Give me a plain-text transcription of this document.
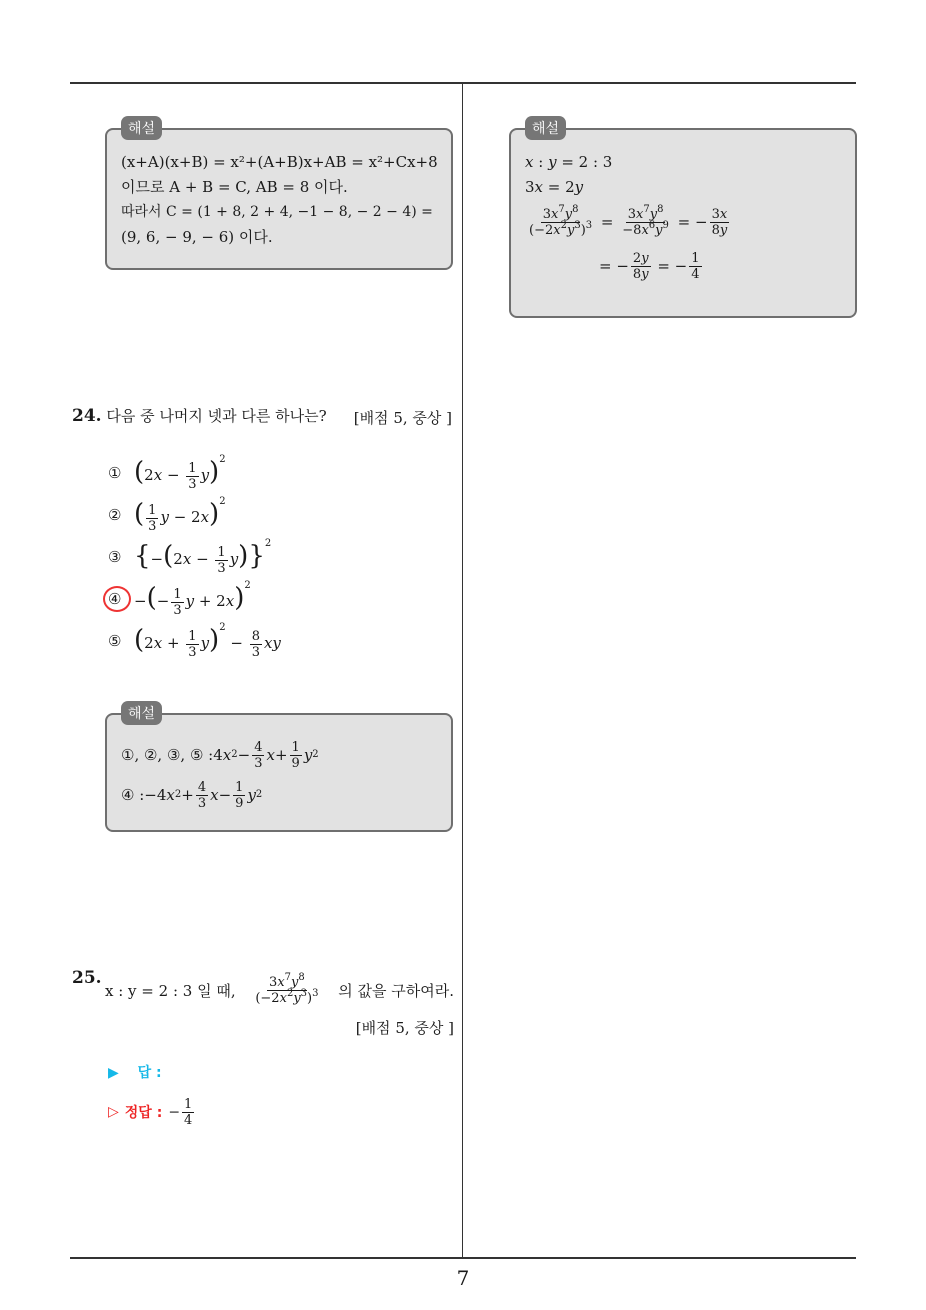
7
해설
(x+A)(x+B) = x²+(A+B)x+AB = x²+Cx+8
이므로 A + B = C, AB = 8 이다.
따라서 C = (1 + 8, 2 + 4, −1 − 8, − 2 − 4) =
(9, 6, − 9, − 6) 이다.
24. 다음 중 나머지 넷과 다른 하나는? [배점 5, 중상 ]
① $(2x - \frac{1}{3} y)^2$
② ( $\frac{1}{3}$ y − 2x)$^2$
③ $\{-(2x - \frac{1}{3} y)\}^2$
④ −(− $\frac{1}{3}$ y + 2x)$^2$
⑤ $(2x + \frac{1}{3} y)^2 - \frac{8}{3}$ xy
해설
①, ②, ③, ⑤ : 4 x $2 - \frac{4}{3}$ $x + \frac{1}{9}$ y 2
④ : −4 x $2 + \frac{4}{3}$ $x - \frac{1}{9}$ y 2
25.
x : y = 2 : 3 일 때, $\frac{3x^7y^8}{(-2x^2y^3)^3}$ 의 값을 구하여라.
[배점 5, 중상 ]
▶ 답 :
▷ 정답 : − $\frac{1}{4}$
해설
x : y = 2 : 3
3x = 2y
$\frac{3x^7y^8}{(-2x^2y^3)^3} = \frac{3x^7y^8}{-8x^6y^9}$ = − $\frac{3x}{8y}$
= − $\frac{2y}{8y}$ = − $\frac{1}{4}$
